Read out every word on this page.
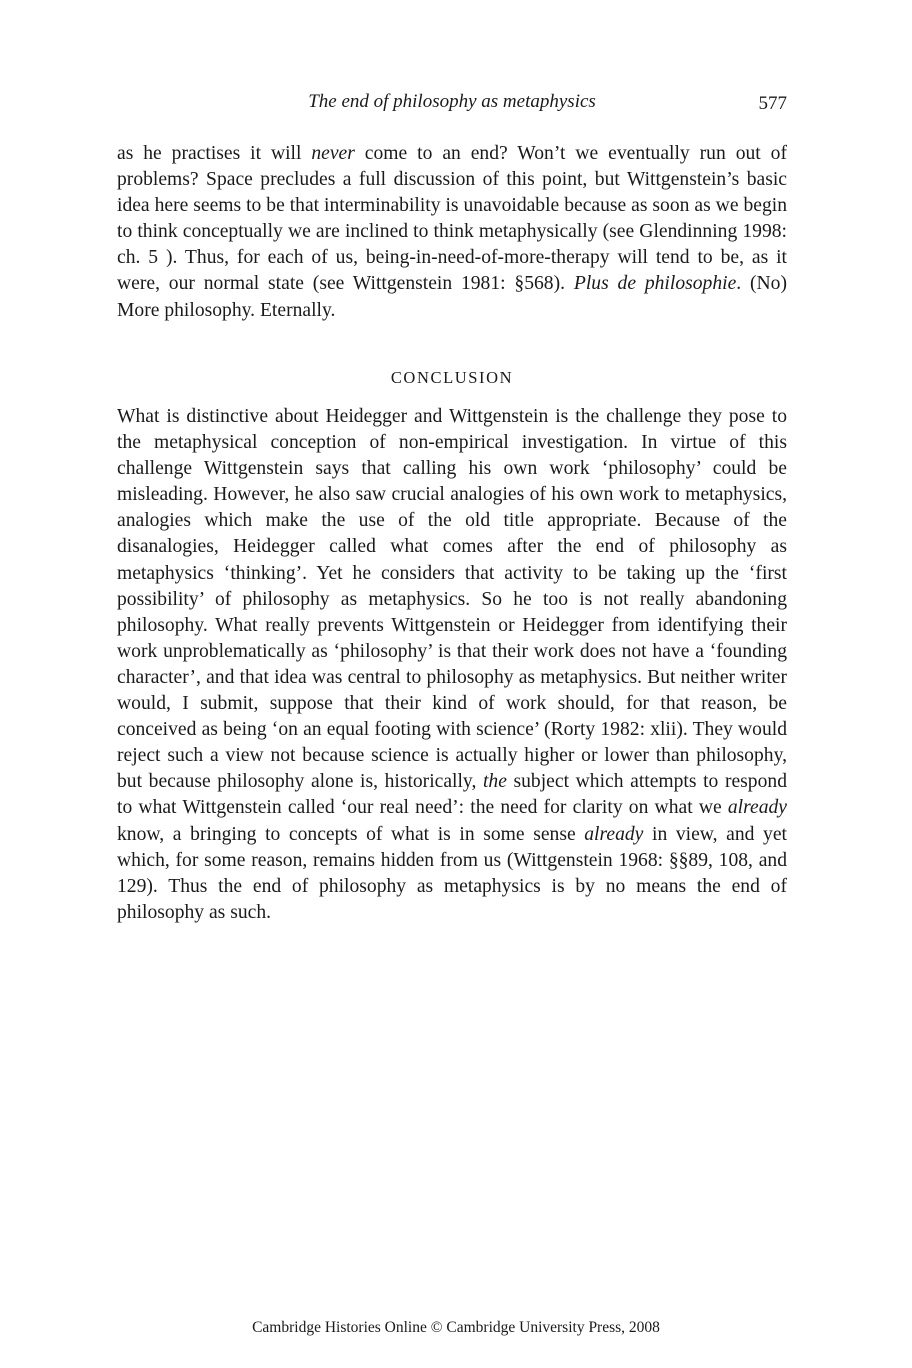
The end of philosophy as metaphysics	577

as he practises it will never come to an end? Won’t we eventually run out of problems? Space precludes a full discussion of this point, but Wittgenstein’s basic idea here seems to be that interminability is unavoidable because as soon as we begin to think conceptually we are inclined to think metaphysically (see Glendinning 1998: ch. 5 ). Thus, for each of us, being-in-need-of-more-therapy will tend to be, as it were, our normal state (see Wittgenstein 1981: §568). Plus de philosophie. (No) More philosophy. Eternally.

CONCLUSION

What is distinctive about Heidegger and Wittgenstein is the challenge they pose to the metaphysical conception of non-empirical investigation. In virtue of this challenge Wittgenstein says that calling his own work ‘philosophy’ could be misleading. However, he also saw crucial analogies of his own work to metaphysics, analogies which make the use of the old title appropriate. Because of the disanalogies, Heidegger called what comes after the end of philosophy as metaphysics ‘thinking’. Yet he considers that activity to be taking up the ‘first possibility’ of philosophy as metaphysics. So he too is not really abandoning philosophy. What really prevents Wittgenstein or Heidegger from identifying their work unproblematically as ‘philosophy’ is that their work does not have a ‘founding character’, and that idea was central to philosophy as metaphysics. But neither writer would, I submit, suppose that their kind of work should, for that reason, be conceived as being ‘on an equal footing with science’ (Rorty 1982: xlii). They would reject such a view not because science is actually higher or lower than philosophy, but because philosophy alone is, historically, the subject which attempts to respond to what Wittgenstein called ‘our real need’: the need for clarity on what we already know, a bringing to concepts of what is in some sense already in view, and yet which, for some reason, remains hidden from us (Wittgenstein 1968: §§89, 108, and 129). Thus the end of philosophy as metaphysics is by no means the end of philosophy as such.

Cambridge Histories Online © Cambridge University Press, 2008
